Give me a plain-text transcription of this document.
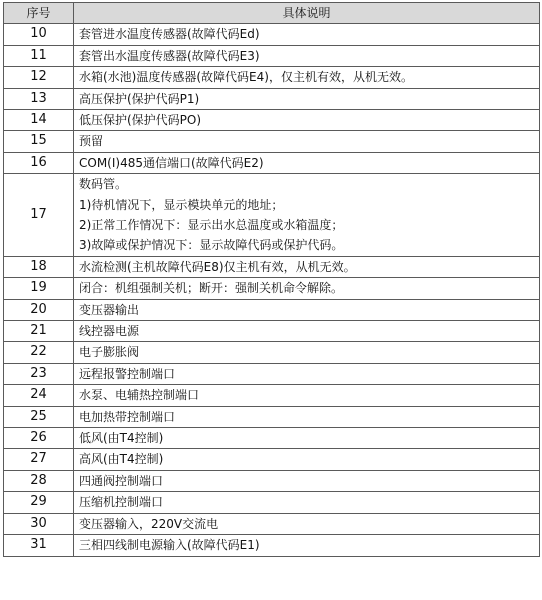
序号	具体说明
10	套管进水温度传感器(故障代码Ed)

11	套管出水温度传感器(故障代码E3)

12	水箱(水池)温度传感器(故障代码E4)，仅主机有效，从机无效。

13	高压保护(保护代码P1)

14	低压保护(保护代码PO)

15	预留

16	COM(I)485通信端口(故障代码E2)

17	数码管。
1)待机情况下，显示模块单元的地址；
2)正常工作情况下：显示出水总温度或水箱温度；
3)故障或保护情况下：显示故障代码或保护代码。

18	水流检测(主机故障代码E8)仅主机有效，从机无效。

19	闭合：机组强制关机；断开：强制关机命令解除。

20	变压器输出

21	线控器电源

22	电子膨胀阀

23	远程报警控制端口

24	水泵、电辅热控制端口

25	电加热带控制端口

26	低风(由T4控制)

27	高风(由T4控制)

28	四通阀控制端口

29	压缩机控制端口

30	变压器输入，220V交流电

31	三相四线制电源输入(故障代码E1)
